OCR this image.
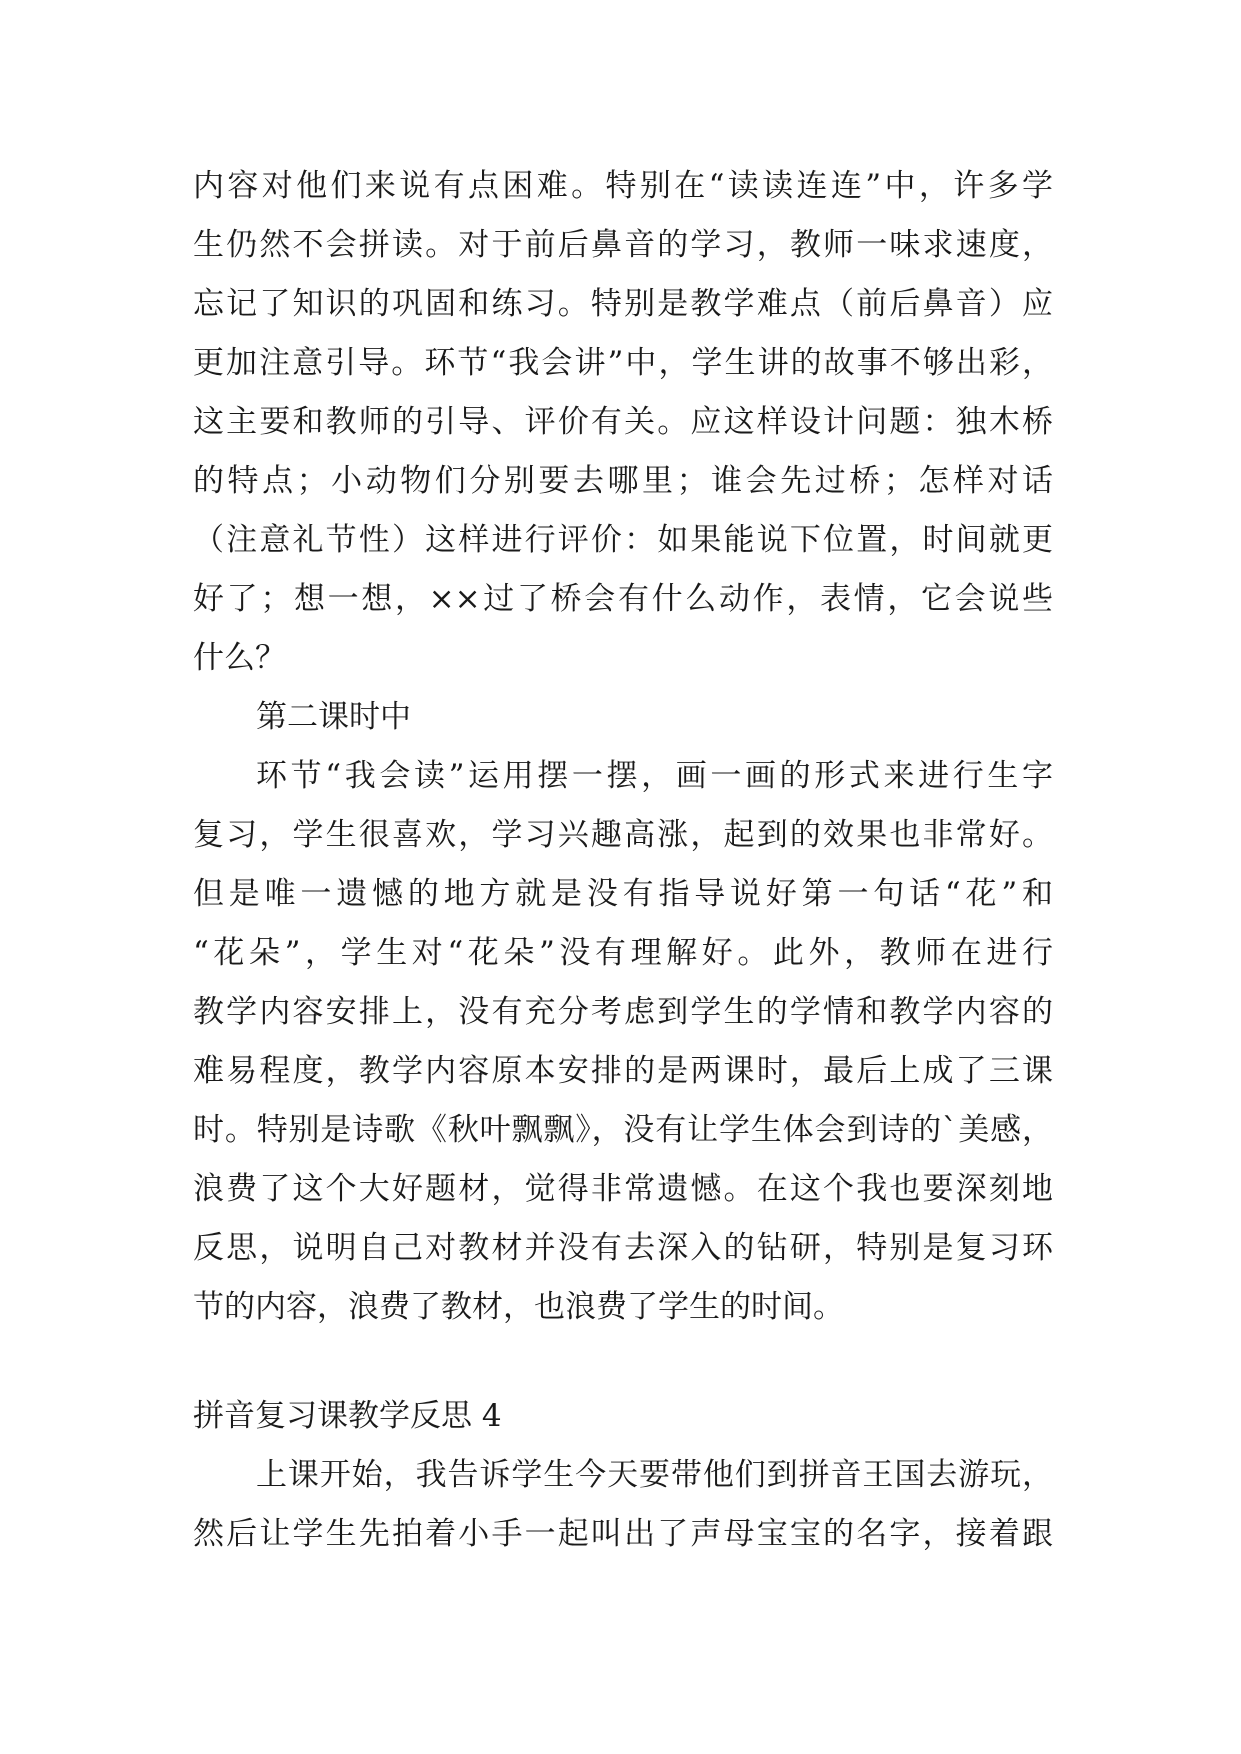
内容对他们来说有点困难。特别在“读读连连”中，许多学
生仍然不会拼读。对于前后鼻音的学习，教师一味求速度，
忘记了知识的巩固和练习。特别是教学难点（前后鼻音）应
更加注意引导。环节“我会讲”中，学生讲的故事不够出彩，
这主要和教师的引导、评价有关。应这样设计问题：独木桥
的特点；小动物们分别要去哪里；谁会先过桥；怎样对话
（注意礼节性）这样进行评价：如果能说下位置，时间就更
好了；想一想，××过了桥会有什么动作，表情，它会说些
什么？
第二课时中
环节“我会读”运用摆一摆，画一画的形式来进行生字
复习，学生很喜欢，学习兴趣高涨，起到的效果也非常好。
但是唯一遗憾的地方就是没有指导说好第一句话“花”和
“花朵”，学生对“花朵”没有理解好。此外，教师在进行
教学内容安排上，没有充分考虑到学生的学情和教学内容的
难易程度，教学内容原本安排的是两课时，最后上成了三课
时。特别是诗歌《秋叶飘飘》，没有让学生体会到诗的`美感，
浪费了这个大好题材，觉得非常遗憾。在这个我也要深刻地
反思，说明自己对教材并没有去深入的钻研，特别是复习环
节的内容，浪费了教材，也浪费了学生的时间。
拼音复习课教学反思 4
上课开始，我告诉学生今天要带他们到拼音王国去游玩，
然后让学生先拍着小手一起叫出了声母宝宝的名字，接着跟
